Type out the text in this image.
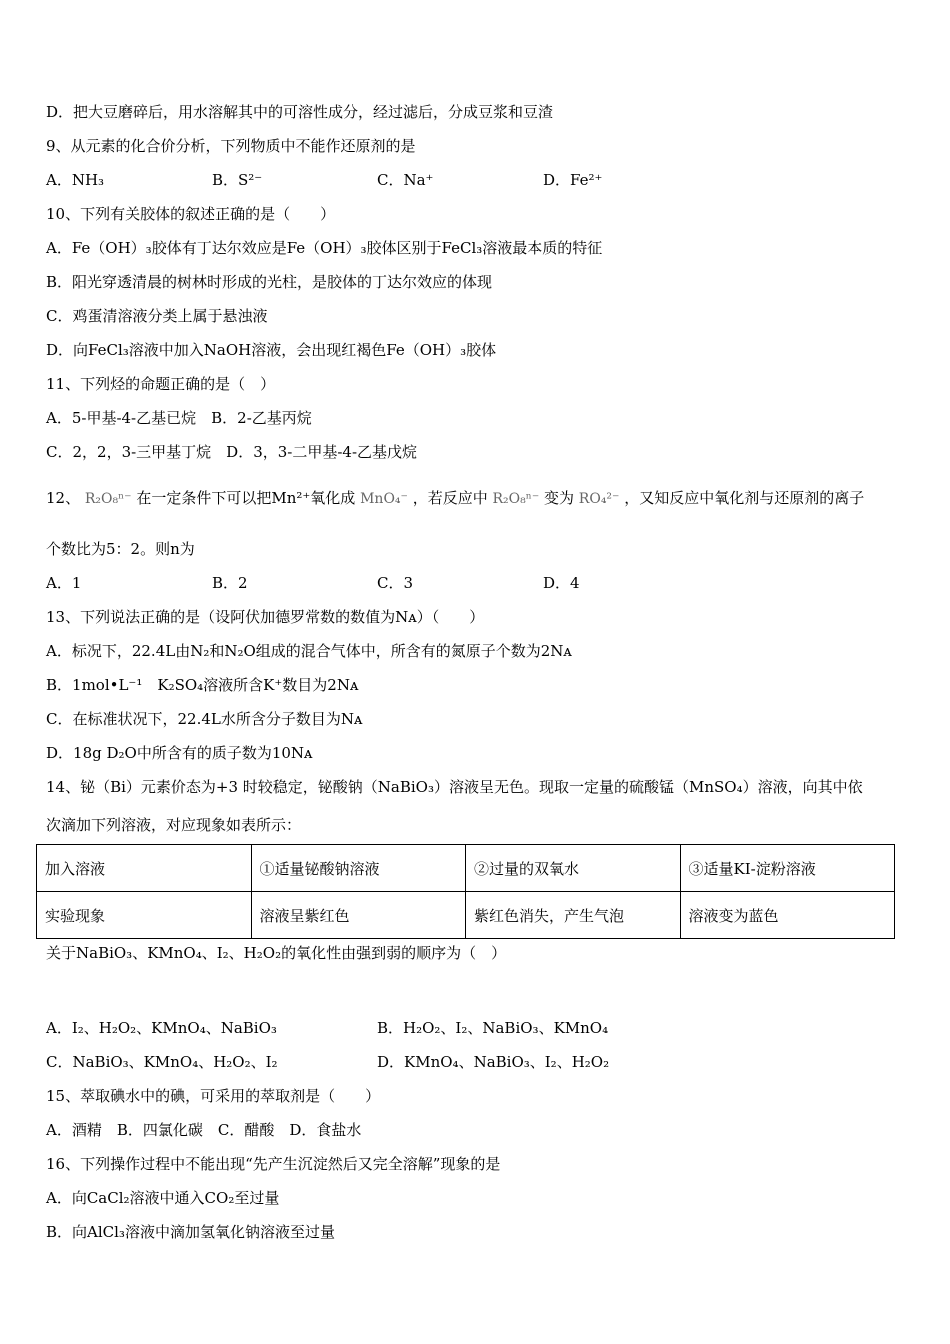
D．把大豆磨碎后，用水溶解其中的可溶性成分，经过滤后，分成豆浆和豆渣
9、从元素的化合价分析，下列物质中不能作还原剂的是
A．NH₃	B．S²⁻	C．Na⁺	D．Fe²⁺
10、下列有关胶体的叙述正确的是（　　）
A．Fe（OH）₃胶体有丁达尔效应是Fe（OH）₃胶体区别于FeCl₃溶液最本质的特征
B．阳光穿透清晨的树林时形成的光柱，是胶体的丁达尔效应的体现
C．鸡蛋清溶液分类上属于悬浊液
D．向FeCl₃溶液中加入NaOH溶液，会出现红褐色Fe（OH）₃胶体
11、下列烃的命题正确的是（　）
A．5-甲基-4-乙基已烷　B．2-乙基丙烷
C．2，2，3-三甲基丁烷　D．3，3-二甲基-4-乙基戊烷
12、 R₂O₈ⁿ⁻ 在一定条件下可以把Mn²⁺氧化成 MnO₄⁻ ，若反应中 R₂O₈ⁿ⁻ 变为 RO₄²⁻ ，又知反应中氧化剂与还原剂的离子
个数比为5：2。则n为
A．1	B．2	C．3	D．4
13、下列说法正确的是（设阿伏加德罗常数的数值为Nᴀ）（　　）
A．标况下，22.4L由N₂和N₂O组成的混合气体中，所含有的氮原子个数为2Nᴀ
B．1mol•L⁻¹　K₂SO₄溶液所含K⁺数目为2Nᴀ
C．在标准状况下，22.4L水所含分子数目为Nᴀ
D．18g D₂O中所含有的质子数为10Nᴀ
14、铋（Bi）元素价态为+3 时较稳定，铋酸钠（NaBiO₃）溶液呈无色。现取一定量的硫酸锰（MnSO₄）溶液，向其中依
次滴加下列溶液，对应现象如表所示：
加入溶液	①适量铋酸钠溶液	②过量的双氧水	③适量KI-淀粉溶液
实验现象	溶液呈紫红色	紫红色消失，产生气泡	溶液变为蓝色
关于NaBiO₃、KMnO₄、I₂、H₂O₂的氧化性由强到弱的顺序为（　）
A．I₂、H₂O₂、KMnO₄、NaBiO₃	B．H₂O₂、I₂、NaBiO₃、KMnO₄
C．NaBiO₃、KMnO₄、H₂O₂、I₂	D．KMnO₄、NaBiO₃、I₂、H₂O₂
15、萃取碘水中的碘，可采用的萃取剂是（　　）
A．酒精　B．四氯化碳　C．醋酸　D．食盐水
16、下列操作过程中不能出现“先产生沉淀然后又完全溶解”现象的是
A．向CaCl₂溶液中通入CO₂至过量
B．向AlCl₃溶液中滴加氢氧化钠溶液至过量
